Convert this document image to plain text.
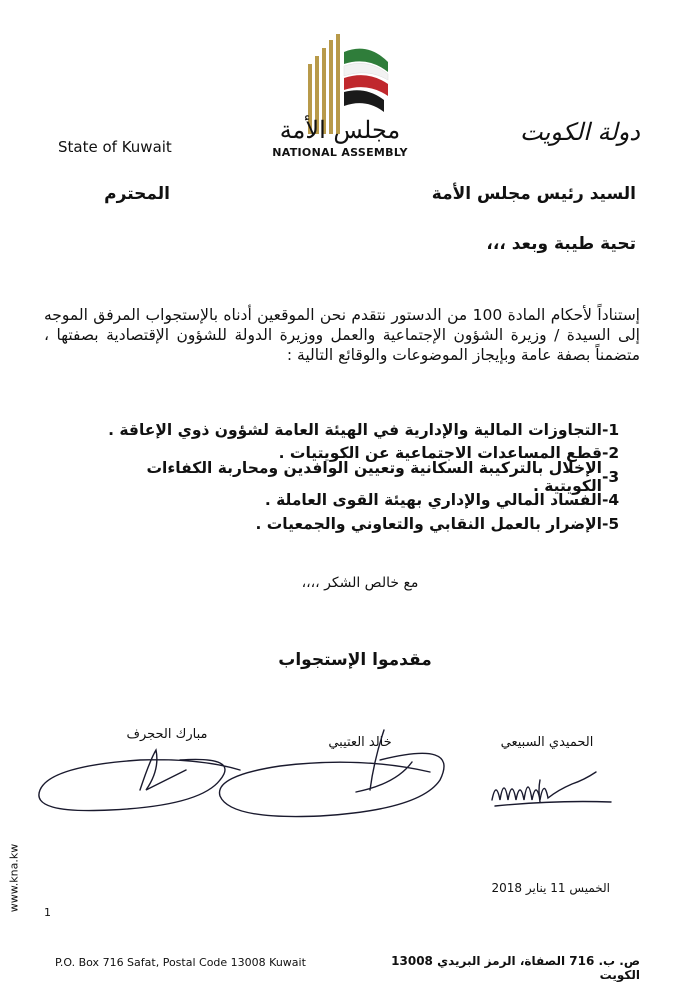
مجلس الأمة
NATIONAL ASSEMBLY
State of Kuwait
دولة الكويت
السيد رئيس مجلس الأمة
المحترم
تحية طيبة وبعد ،،،
إستناداً لأحكام المادة 100 من الدستور نتقدم نحن الموقعين أدناه بالإستجواب المرفق الموجه إلى السيدة / وزيرة الشؤون الإجتماعية والعمل ووزيرة الدولة للشؤون الإقتصادية بصفتها ، متضمناً بصفة عامة وبإيجاز الموضوعات والوقائع التالية :
-1
التجاوزات المالية والإدارية في الهيئة العامة لشؤون ذوي الإعاقة .
-2
قطع المساعدات الاجتماعية عن الكويتيات .
-3
الإخلال بالتركيبة السكانية وتعيين الوافدين ومحاربة الكفاءات الكويتية .
-4
الفساد المالي والإداري بهيئة القوى العاملة .
-5
الإضرار بالعمل النقابي والتعاوني والجمعيات .
مع خالص الشكر ،،،،
مقدموا الإستجواب
الحميدي السبيعي
خالد العتيبي
مبارك الحجرف
www.kna.kw	الخميس 11 يناير 2018
1
P.O. Box 716 Safat, Postal Code 13008 Kuwait	ص. ب. 716 الصفاة، الرمز البريدي 13008 الكويت
